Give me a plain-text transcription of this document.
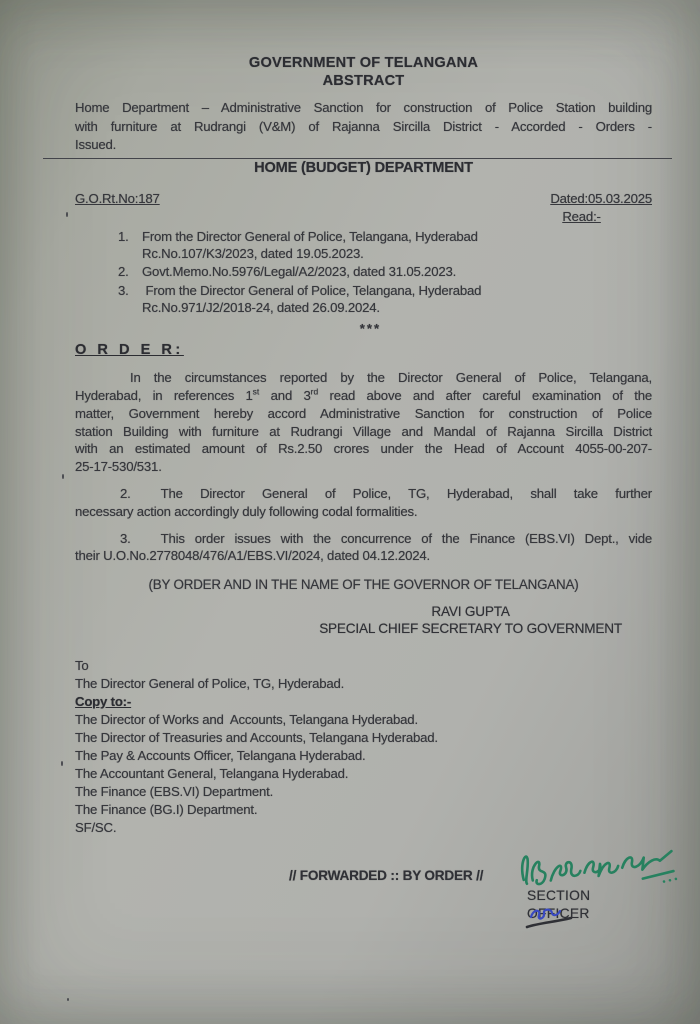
GOVERNMENT OF TELANGANA
ABSTRACT
Home Department – Administrative Sanction for construction of Police Station building
with furniture at Rudrangi (V&M) of Rajanna Sircilla District - Accorded - Orders -
Issued.
HOME (BUDGET) DEPARTMENT
G.O.Rt.No:187	Dated:05.03.2025
Read:-
1.	From the Director General of Police, Telangana, Hyderabad
Rc.No.107/K3/2023, dated 19.05.2023.
2.	Govt.Memo.No.5976/Legal/A2/2023, dated 31.05.2023.
3.	From the Director General of Police, Telangana, Hyderabad
Rc.No.971/J2/2018-24, dated 26.09.2024.
***
O R D E R:
In the circumstances reported by the Director General of Police, Telangana,
Hyderabad, in references 1st and 3rd read above and after careful examination of the
matter, Government hereby accord Administrative Sanction for construction of Police
station Building with furniture at Rudrangi Village and Mandal of Rajanna Sircilla District
with an estimated amount of Rs.2.50 crores under the Head of Account 4055-00-207-
25-17-530/531.
2. The Director General of Police, TG, Hyderabad, shall take further
necessary action accordingly duly following codal formalities.
3. This order issues with the concurrence of the Finance (EBS.VI) Dept., vide
their U.O.No.2778048/476/A1/EBS.VI/2024, dated 04.12.2024.
(BY ORDER AND IN THE NAME OF THE GOVERNOR OF TELANGANA)
RAVI GUPTA
SPECIAL CHIEF SECRETARY TO GOVERNMENT
To
The Director General of Police, TG, Hyderabad.
Copy to:-
The Director of Works and  Accounts, Telangana Hyderabad.
The Director of Treasuries and Accounts, Telangana Hyderabad.
The Pay & Accounts Officer, Telangana Hyderabad.
The Accountant General, Telangana Hyderabad.
The Finance (EBS.VI) Department.
The Finance (BG.I) Department.
SF/SC.
// FORWARDED :: BY ORDER //
SECTION OFFICER
